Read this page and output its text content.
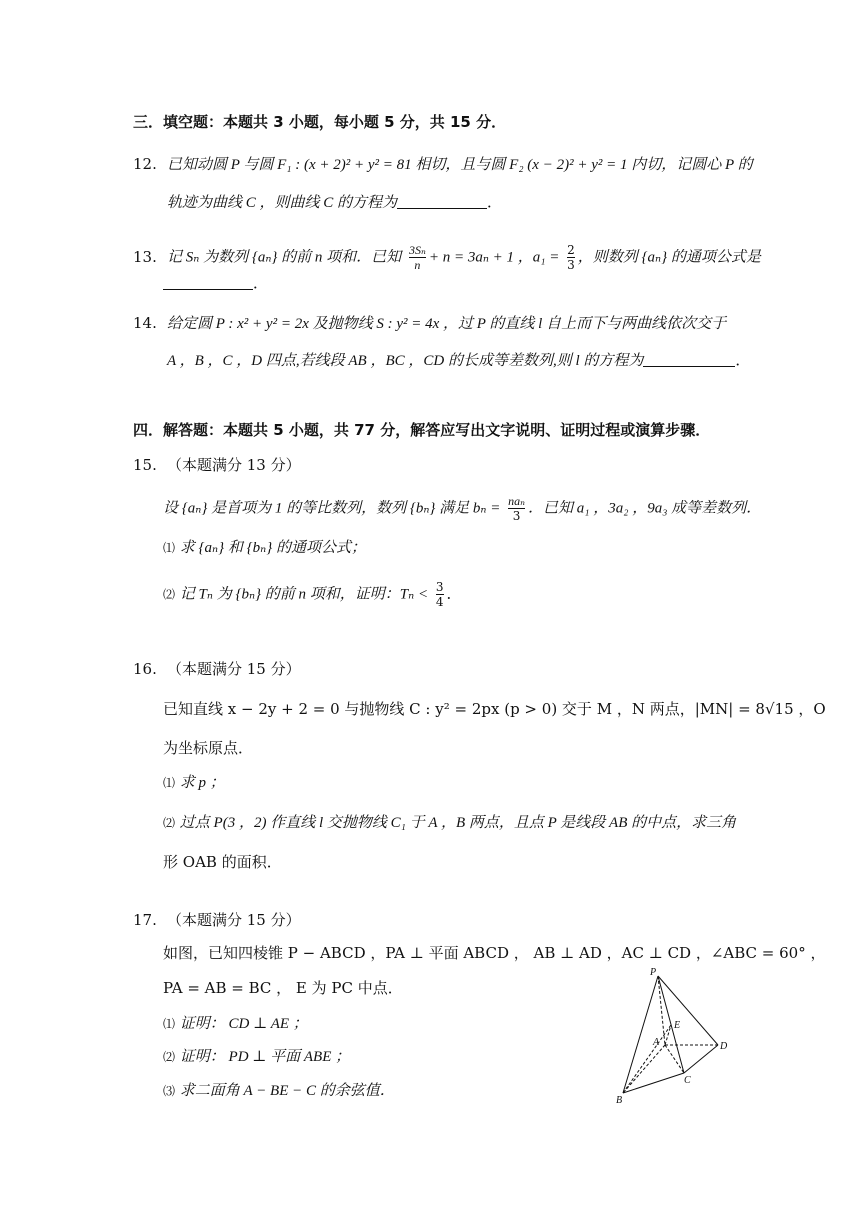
三．填空题：本题共 3 小题，每小题 5 分，共 15 分．
12. 已知动圆 P 与圆 F₁ : (x + 2)² + y² = 81 相切，且与圆 F₂ (x − 2)² + y² = 1 内切，记圆心 P 的
轨迹为曲线 C ，则曲线 C 的方程为	．
13. 记 Sₙ 为数列 {aₙ} 的前 n 项和．已知 $\frac{\text{3Sₙ}}{n} + n = 3a_n + 1$ ，$a_1 = \frac{2}{3}$ ，则数列 {aₙ} 的通项公式是
．
14. 给定圆 P : x² + y² = 2x 及抛物线 S : y² = 4x ，过 P 的直线 l 自上而下与两曲线依次交于
A ，B ，C ，D 四点,若线段 AB ，BC ，CD 的长成等差数列,则 l 的方程为	．
四．解答题：本题共 5 小题，共 77 分，解答应写出文字说明、证明过程或演算步骤．
15. （本题满分 13 分）
设 {aₙ} 是首项为 1 的等比数列，数列 {bₙ} 满足 bₙ = naₙ
3 ．已知 a₁ ，3a₂ ，9a₃ 成等差数列．
⑴ 求 {aₙ} 和 {bₙ} 的通项公式；
⑵ 记 Tₙ 为 {bₙ} 的前 n 项和，证明：$T_n < \frac{3}{4}$ ．
16. （本题满分 15 分）
已知直线 x − 2y + 2 = 0 与抛物线 C : y² = 2px (p > 0) 交于 M ，N 两点，|MN| = 8√15 ，O
为坐标原点．
⑴ 求 p ；
⑵ 过点 P(3 ，2) 作直线 l 交抛物线 C₁ 于 A ，B 两点，且点 P 是线段 AB 的中点，求三角
形 OAB 的面积．
17. （本题满分 15 分）
如图，已知四棱锥 P − ABCD ，PA ⊥ 平面 ABCD ， AB ⊥ AD ，AC ⊥ CD ，∠ABC = 60° ，
PA = AB = BC ， E 为 PC 中点．
⑴ 证明： CD ⊥ AE ；
⑵ 证明： PD ⊥ 平面 ABE ；
⑶ 求二面角 A − BE − C 的余弦值．
P
E
A	D
C
B
